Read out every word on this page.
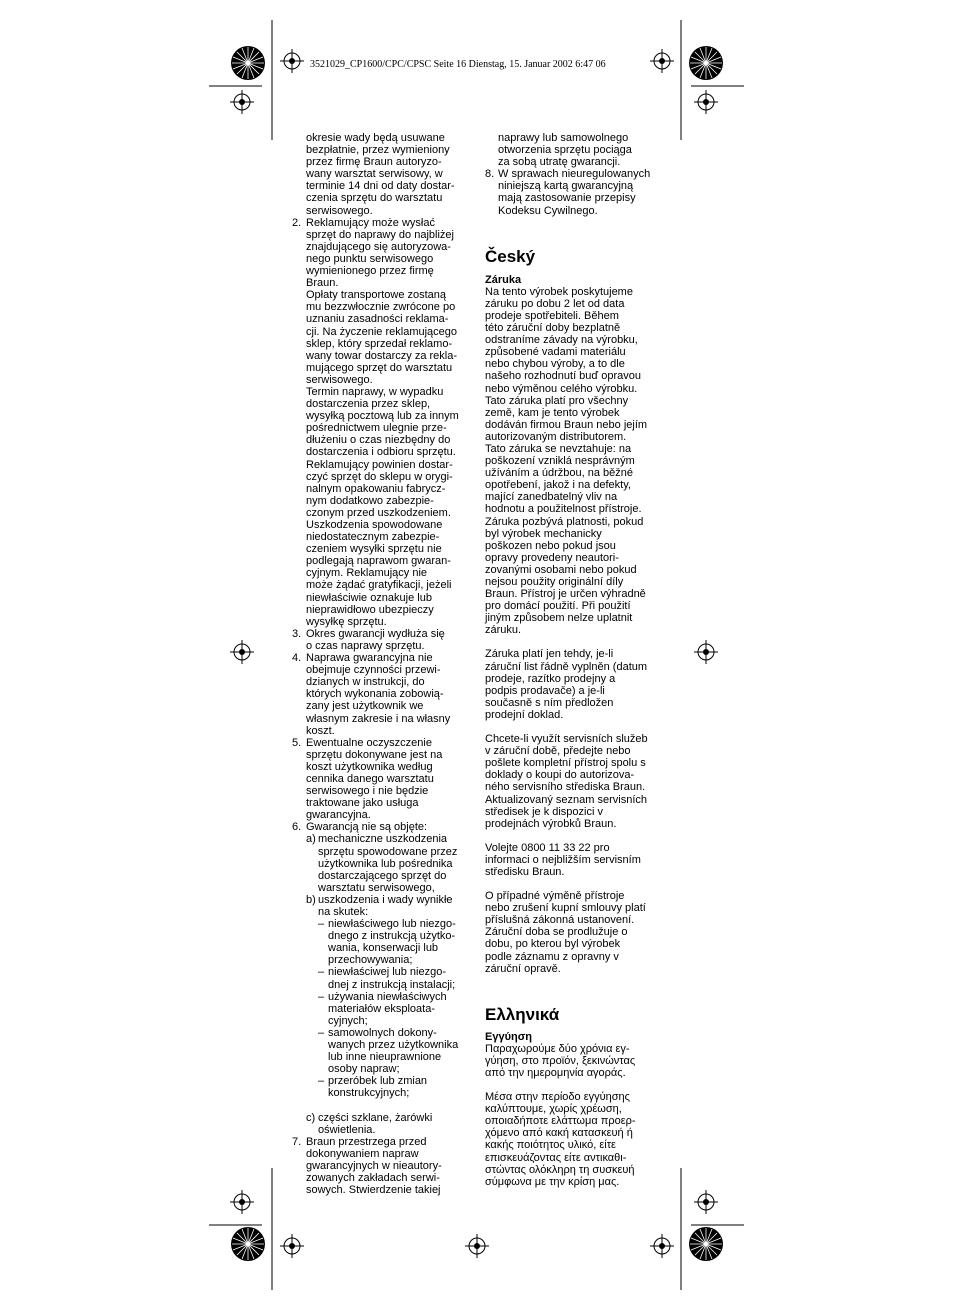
3521029_CP1600/CPC/CPSC Seite 16 Dienstag, 15. Januar 2002 6:47 06

okresie wady będą usuwane
bezpłatnie, przez wymieniony
przez firmę Braun autoryzo-
wany warsztat serwisowy, w
terminie 14 dni od daty dostar-
czenia sprzętu do warsztatu
serwisowego.

2. Reklamujący może wysłać
sprzęt do naprawy do najbliżej
znajdującego się autoryzowa-
nego punktu serwisowego
wymienionego przez firmę
Braun.
Opłaty transportowe zostaną
mu bezzwłocznie zwrócone po
uznaniu zasadności reklama-
cji. Na życzenie reklamującego
sklep, który sprzedał reklamo-
wany towar dostarczy za rekla-
mującego sprzęt do warsztatu
serwisowego.
Termin naprawy, w wypadku
dostarczenia przez sklep,
wysyłką pocztową lub za innym
pośrednictwem ulegnie prze-
dłużeniu o czas niezbędny do
dostarczenia i odbioru sprzętu.
Reklamujący powinien dostar-
czyć sprzęt do sklepu w orygi-
nalnym opakowaniu fabrycz-
nym dodatkowo zabezpie-
czonym przed uszkodzeniem.
Uszkodzenia spowodowane
niedostatecznym zabezpie-
czeniem wysyłki sprzętu nie
podlegają naprawom gwaran-
cyjnym. Reklamujący nie
może żądać gratyfikacji, jeżeli
niewłaściwie oznakuje lub
nieprawidłowo ubezpieczy
wysyłkę sprzętu.
3. Okres gwarancji wydłuża się
o czas naprawy sprzętu.
4. Naprawa gwarancyjna nie
obejmuje czynności przewi-
dzianych w instrukcji, do
których wykonania zobowią-
zany jest użytkownik we
własnym zakresie i na własny
koszt.
5. Ewentualne oczyszczenie
sprzętu dokonywane jest na
koszt użytkownika według
cennika danego warsztatu
serwisowego i nie będzie
traktowane jako usługa
gwarancyjna.
6. Gwarancją nie są objęte:
a) mechaniczne uszkodzenia
sprzętu spowodowane przez
użytkownika lub pośrednika
dostarczającego sprzęt do
warsztatu serwisowego,
b) uszkodzenia i wady wynikłe
na skutek:
– niewłaściwego lub niezgo-
dnego z instrukcją użytko-
wania, konserwacji lub
przechowywania;
– niewłaściwej lub niezgo-
dnej z instrukcją instalacji;
– używania niewłaściwych
materiałów eksploata-
cyjnych;
– samowolnych dokony-
wanych przez użytkownika
lub inne nieuprawnione
osoby napraw;
– przeróbek lub zmian
konstrukcyjnych;
c) części szklane, żarówki
oświetlenia.
7. Braun przestrzega przed
dokonywaniem napraw
gwarancyjnych w nieautory-
zowanych zakładach serwi-
sowych. Stwierdzenie takiej

naprawy lub samowolnego
otworzenia sprzętu pociąga
za sobą utratę gwarancji.

8. W sprawach nieuregulowanych
niniejszą kartą gwarancyjną
mają zastosowanie przepisy
Kodeksu Cywilnego.
Český

Záruka

Na tento výrobek poskytujeme
záruku po dobu 2 let od data
prodeje spotřebiteli. Během
této záruční doby bezplatně
odstraníme závady na výrobku,
způsobené vadami materiálu
nebo chybou výroby, a to dle
našeho rozhodnutí buď opravou
nebo výměnou celého výrobku.
Tato záruka platí pro všechny
země, kam je tento výrobek
dodáván firmou Braun nebo jejím
autorizovaným distributorem.
Tato záruka se nevztahuje: na
poškození vzniklá nesprávným
užíváním a údržbou, na běžné
opotřebení, jakož i na defekty,
mající zanedbatelný vliv na
hodnotu a použitelnost přístroje.
Záruka pozbývá platnosti, pokud
byl výrobek mechanicky
poškozen nebo pokud jsou
opravy provedeny neautori-
zovanými osobami nebo pokud
nejsou použity originální díly
Braun. Přístroj je určen výhradně
pro domácí použití. Při použití
jiným způsobem nelze uplatnit
záruku.

Záruka platí jen tehdy, je-li
záruční list řádně vyplněn (datum
prodeje, razítko prodejny a
podpis prodavače) a je-li
současně s ním předložen
prodejní doklad.

Chcete-li využít servisních služeb
v záruční době, předejte nebo
pošlete kompletní přístroj spolu s
doklady o koupi do autorizova-
ného servisního střediska Braun.
Aktualizovaný seznam servisních
středisek je k dispozici v
prodejnách výrobků Braun.

Volejte 0800 11 33 22 pro
informaci o nejbližším servisním
středisku Braun.

O případné výměně přístroje
nebo zrušení kupní smlouvy platí
příslušná zákonná ustanovení.
Záruční doba se prodlužuje o
dobu, po kterou byl výrobek
podle záznamu z opravny v
záruční opravě.

Ελληνικά

Εγγύηση

Παραχωρούμε δύο χρόνια εγ-
γύηση, στο προϊόν, ξεκινώντας
από την ημερομηνία αγοράς.

Μέσα στην περίοδο εγγύησης
καλύπτουμε, χωρίς χρέωση,
οποιαδήποτε ελάττωμα προερ-
χόμενο από κακή κατασκευή ή
κακής ποιότητος υλικό, είτε
επισκευάζοντας είτε αντικαθι-
στώντας ολόκληρη τη συσκευή
σύμφωνα με την κρίση μας.
